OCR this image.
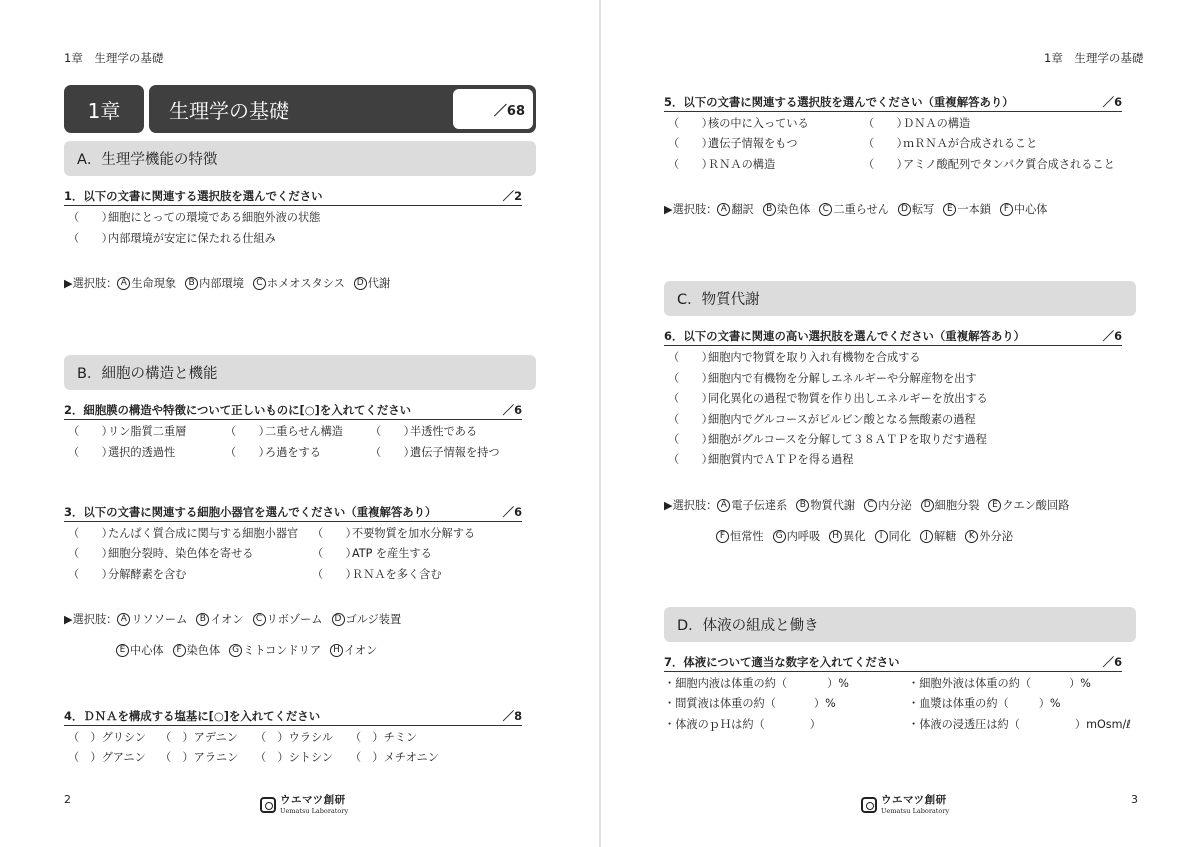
1章　生理学の基礎
1章 生理学の基礎	／68
A．生理学機能の特徴
1．以下の文書に関連する選択肢を選んでください	／2
（　　）細胞にとっての環境である細胞外液の状態
（　　）内部環境が安定に保たれる仕組み
▶選択肢： A 生命現象	B 内部環境	C ホメオスタシス	D 代謝
B．細胞の構造と機能
2．細胞膜の構造や特徴について正しいものに[○]を入れてください	／6
（　　）リン脂質二重層	（　　）二重らせん構造 （　　）半透性である
（　　）選択的透過性	（　　）ろ過をする	（　　）遺伝子情報を持つ
3．以下の文書に関連する細胞小器官を選んでください（重複解答あり）	／6
（　　）たんぱく質合成に関与する細胞小器官 （　　）不要物質を加水分解する
（　　）細胞分裂時、染色体を寄せる	（　　）ATP を産生する
（　　）分解酵素を含む	（　　）ＲＮＡを多く含む
▶選択肢： A リソソーム	B イオン	C リボゾーム	D ゴルジ装置
E 中心体	F 染色体	G ミトコンドリア	H イオン
4．ＤＮＡを構成する塩基に[○]を入れてください	／8
（　）グリシン （　）アデニン （　）ウラシル （　）チミン
（　）グアニン （　）アラニン （　）シトシン （　）メチオニン
2	ウエマツ創研
Uematsu Laboratory
1章　生理学の基礎
5．以下の文書に関連する選択肢を選んでください（重複解答あり）	／6
（　　）核の中に入っている	（　　）ＤＮＡの構造
（　　）遺伝子情報をもつ	（　　）ｍＲＮＡが合成されること
（　　）ＲＮＡの構造	（　　）アミノ酸配列でタンパク質合成されること
▶選択肢： A 翻訳	B 染色体	C 二重らせん	D 転写	E 一本鎖	F 中心体
C．物質代謝
6．以下の文書に関連の高い選択肢を選んでください（重複解答あり）	／6
（　　）細胞内で物質を取り入れ有機物を合成する
（　　）細胞内で有機物を分解しエネルギーや分解産物を出す
（　　）同化異化の過程で物質を作り出しエネルギーを放出する
（　　）細胞内でグルコースがピルビン酸となる無酸素の過程
（　　）細胞がグルコースを分解して３８ＡＴＰを取りだす過程
（　　）細胞質内でＡＴＰを得る過程
▶選択肢： A 電子伝達系	B 物質代謝	C 内分泌	D 細胞分裂	E クエン酸回路
F 恒常性	G 内呼吸	H 異化	I 同化	J 解糖	K 外分泌
D．体液の組成と働き
7．体液について適当な数字を入れてください	／6
・細胞内液は体重の約（	）%	・細胞外液は体重の約（	）%
・間質液は体重の約（	）%	・血漿は体重の約（	）%
・体液のｐＨは約（	）	・体液の浸透圧は約（	）mOsm/ℓ
ウエマツ創研
Uematsu Laboratory
3
